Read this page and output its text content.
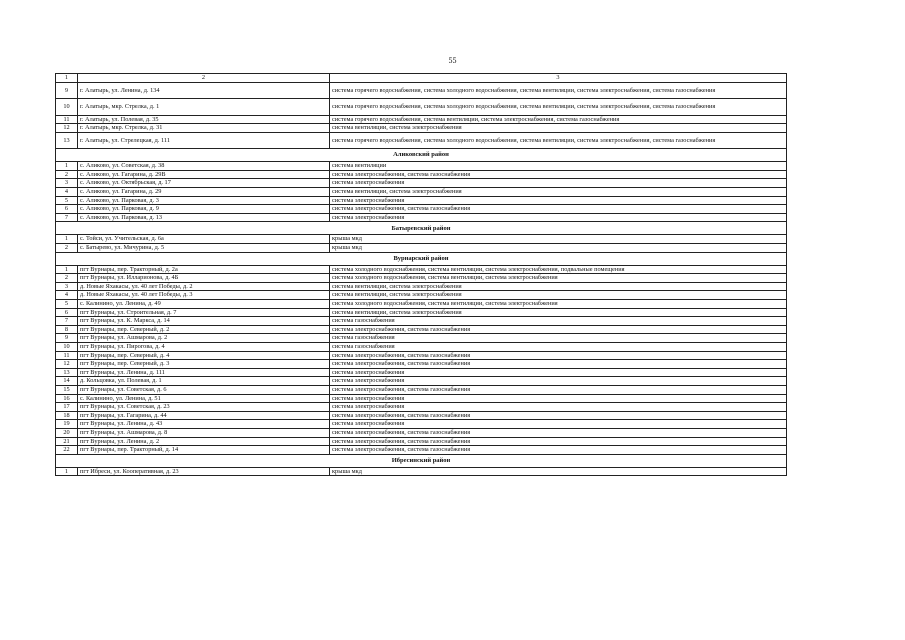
55
1	2	3
9	г. Алатырь, ул. Ленина, д. 134	система горячего водоснабжения, система холодного водоснабжения, система вентиляции, система электроснабжения, система газоснабжения
10	г. Алатырь, мкр. Стрелка, д. 1	система горячего водоснабжения, система холодного водоснабжения, система вентиляции, система электроснабжения, система газоснабжения
11	г. Алатырь, ул. Полевая, д. 35	система горячего водоснабжения, система вентиляции, система электроснабжения, система газоснабжения
12	г. Алатырь, мкр. Стрелка, д. 31	система вентиляции, система электроснабжения
13	г. Алатырь, ул. Стрелецкая, д. 111	система горячего водоснабжения, система холодного водоснабжения, система вентиляции, система электроснабжения, система газоснабжения
Аликовский район		
1	с. Аликово, ул. Советская, д. 38	система вентиляции
2	с. Аликово, ул. Гагарина, д. 29В	система электроснабжения, система газоснабжения
3	с. Аликово, ул. Октябрьская, д. 17	система электроснабжения
4	с. Аликово, ул. Гагарина, д. 29	система вентиляции, система электроснабжения
5	с. Аликово, ул. Парковая, д. 3	система электроснабжения
6	с. Аликово, ул. Парковая, д. 9	система электроснабжения, система газоснабжения
7	с. Аликово, ул. Парковая, д. 13	система электроснабжения
Батыревский район		
1	с. Тойси, ул. Учительская, д. 6а	крыша мкд
2	с. Батырево, ул. Мичурина, д. 5	крыша мкд
Вурнарский район		
1	пгт Вурнары, пер. Тракторный, д. 2а	система холодного водоснабжения, система вентиляции, система электроснабжения, подвальные помещения
2	пгт Вурнары, ул. Илларионова, д. 4Б	система холодного водоснабжения, система вентиляции, система электроснабжения
3	д. Новые Яхакасы, ул. 40 лет Победы, д. 2	система вентиляции, система электроснабжения
4	д. Новые Яхакасы, ул. 40 лет Победы, д. 3	система вентиляции, система электроснабжения
5	с. Калинино, ул. Ленина, д. 49	система холодного водоснабжения, система вентиляции, система электроснабжения
6	пгт Вурнары, ул. Строительная, д. 7	система вентиляции, система электроснабжения
7	пгт Вурнары, ул. К. Маркса, д. 14	система газоснабжения
8	пгт Вурнары, пер. Северный, д. 2	система электроснабжения, система газоснабжения
9	пгт Вурнары, ул. Ашмарова, д. 2	система газоснабжения
10	пгт Вурнары, ул. Пирогова, д. 4	система газоснабжения
11	пгт Вурнары, пер. Северный, д. 4	система электроснабжения, система газоснабжения
12	пгт Вурнары, пер. Северный, д. 3	система электроснабжения, система газоснабжения
13	пгт Вурнары, ул. Ленина, д. 111	система электроснабжения
14	д. Кольцовка, ул. Полевая, д. 1	система электроснабжения
15	пгт Вурнары, ул. Советская, д. 6	система электроснабжения, система газоснабжения
16	с. Калинино, ул. Ленина, д. 51	система электроснабжения
17	пгт Вурнары, ул. Советская, д. 23	система электроснабжения
18	пгт Вурнары, ул. Гагарина, д. 44	система электроснабжения, система газоснабжения
19	пгт Вурнары, ул. Ленина, д. 43	система электроснабжения
20	пгт Вурнары, ул. Ашмарова, д. 8	система электроснабжения, система газоснабжения
21	пгт Вурнары, ул. Ленина, д. 2	система электроснабжения, система газоснабжения
22	пгт Вурнары, пер. Тракторный, д. 14	система электроснабжения, система газоснабжения
Ибресинский район		
1	пгт Ибреси, ул. Кооперативная, д. 23	крыша мкд
